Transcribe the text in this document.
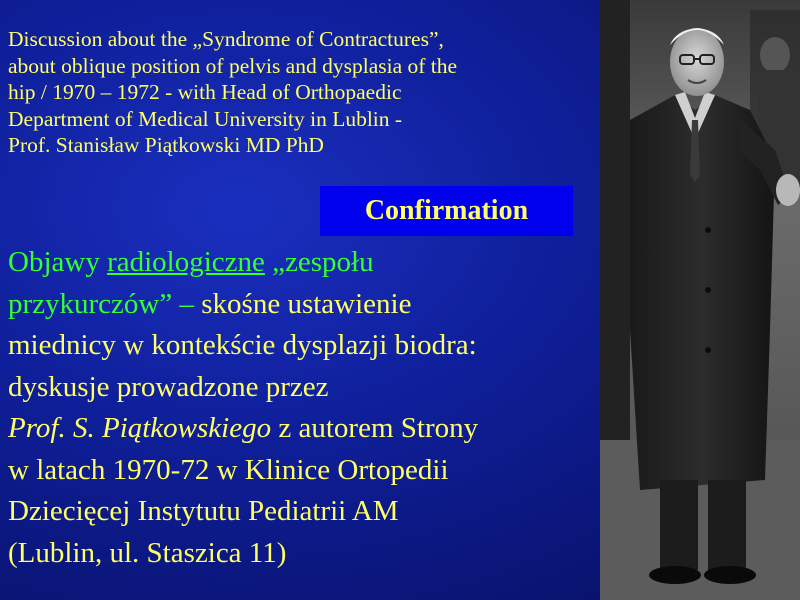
Discussion about the „Syndrome of Contractures”,
about oblique position of pelvis and dysplasia of the
hip / 1970 – 1972 - with Head of Orthopaedic
Department of Medical University in Lublin -
Prof. Stanisław Piątkowski MD PhD
Confirmation
Objawy radiologiczne „zespołu
przykurczów” – skośne ustawienie
miednicy w kontekście dysplazji biodra:
dyskusje prowadzone przez
Prof. S. Piątkowskiego z autorem Strony
w latach 1970-72 w Klinice Ortopedii
Dziecięcej Instytutu Pediatrii AM
(Lublin, ul. Staszica 11)
